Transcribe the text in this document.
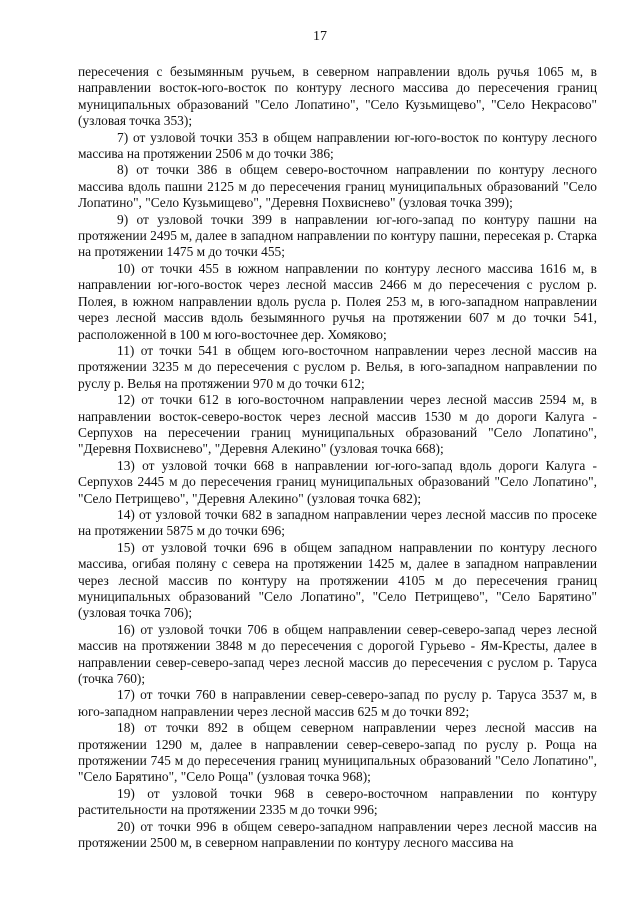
17

пересечения с безымянным ручьем, в северном направлении вдоль ручья 1065 м, в направлении восток-юго-восток по контуру лесного массива до пересечения границ муниципальных образований "Село Лопатино", "Село Кузьмищево", "Село Некрасово" (узловая точка 353);

7) от узловой точки 353 в общем направлении юг-юго-восток по контуру лесного массива на протяжении 2506 м до точки 386;

8) от точки 386 в общем северо-восточном направлении по контуру лесного массива вдоль пашни 2125 м до пересечения границ муниципальных образований "Село Лопатино", "Село Кузьмищево", "Деревня Похвиснево" (узловая точка 399);

9) от узловой точки 399 в направлении юг-юго-запад по контуру пашни на протяжении 2495 м, далее в западном направлении по контуру пашни, пересекая р. Старка на протяжении 1475 м до точки 455;

10) от точки 455 в южном направлении по контуру лесного массива 1616 м, в направлении юг-юго-восток через лесной массив 2466 м до пересечения с руслом р. Полея, в южном направлении вдоль русла р. Полея 253 м, в юго-западном направлении через лесной массив вдоль безымянного ручья на протяжении 607 м до точки 541, расположенной в 100 м юго-восточнее дер. Хомяково;

11) от точки 541 в общем юго-восточном направлении через лесной массив на протяжении 3235 м до пересечения с руслом р. Велья, в юго-западном направлении по руслу р. Велья на протяжении 970 м до точки 612;

12) от точки 612 в юго-восточном направлении через лесной массив 2594 м, в направлении восток-северо-восток через лесной массив 1530 м до дороги Калуга - Серпухов на пересечении границ муниципальных образований "Село Лопатино", "Деревня Похвиснево", "Деревня Алекино" (узловая точка 668);

13) от узловой точки 668 в направлении юг-юго-запад вдоль дороги Калуга - Серпухов 2445 м до пересечения границ муниципальных образований "Село Лопатино", "Село Петрищево", "Деревня Алекино" (узловая точка 682);

14) от узловой точки 682 в западном направлении через лесной массив по просеке на протяжении 5875 м до точки 696;

15) от узловой точки 696 в общем западном направлении по контуру лесного массива, огибая поляну с севера на протяжении 1425 м, далее в западном направлении через лесной массив по контуру на протяжении 4105 м до пересечения границ муниципальных образований "Село Лопатино", "Село Петрищево", "Село Барятино" (узловая точка 706);

16) от узловой точки 706 в общем направлении север-северо-запад через лесной массив на протяжении 3848 м до пересечения с дорогой Гурьево - Ям-Кресты, далее в направлении север-северо-запад через лесной массив до пересечения с руслом р. Таруса (точка 760);

17) от точки 760 в направлении север-северо-запад по руслу р. Таруса 3537 м, в юго-западном направлении через лесной массив 625 м до точки 892;

18) от точки 892 в общем северном направлении через лесной массив на протяжении 1290 м, далее в направлении север-северо-запад по руслу р. Роща на протяжении 745 м до пересечения границ муниципальных образований "Село Лопатино", "Село Барятино", "Село Роща" (узловая точка 968);

19) от узловой точки 968 в северо-восточном направлении по контуру растительности на протяжении 2335 м до точки 996;

20) от точки 996 в общем северо-западном направлении через лесной массив на протяжении 2500 м, в северном направлении по контуру лесного массива на
